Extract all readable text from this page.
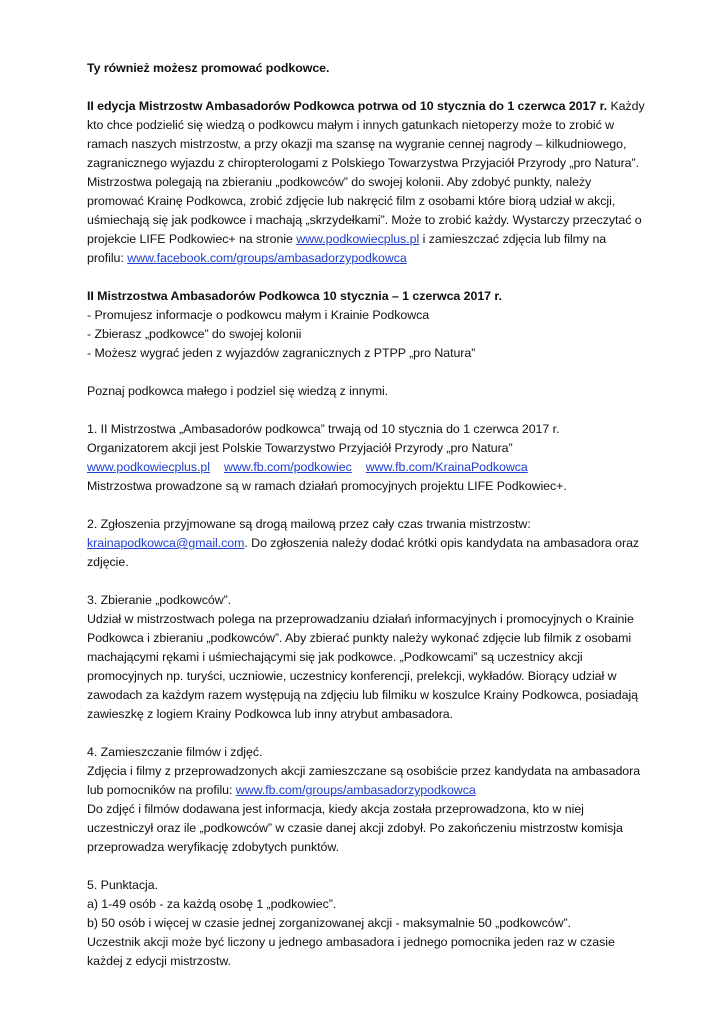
Ty również możesz promować podkowce.
II edycja Mistrzostw Ambasadorów Podkowca potrwa od 10 stycznia do 1 czerwca 2017 r. Każdy
kto chce podzielić się wiedzą o podkowcu małym i innych gatunkach nietoperzy może to zrobić w
ramach naszych mistrzostw, a przy okazji ma szansę na wygranie cennej nagrody – kilkudniowego,
zagranicznego wyjazdu z chiropterologami z Polskiego Towarzystwa Przyjaciół Przyrody „pro Natura”.
Mistrzostwa polegają na zbieraniu „podkowców” do swojej kolonii. Aby zdobyć punkty, należy
promować Krainę Podkowca, zrobić zdjęcie lub nakręcić film z osobami które biorą udział w akcji,
uśmiechają się jak podkowce i machają „skrzydełkami”. Może to zrobić każdy. Wystarczy przeczytać o
projekcie LIFE Podkowiec+ na stronie www.podkowiecplus.pl i zamieszczać zdjęcia lub filmy na
profilu: www.facebook.com/groups/ambasadorzypodkowca
II Mistrzostwa Ambasadorów Podkowca 10 stycznia – 1 czerwca 2017 r.
- Promujesz informacje o podkowcu małym i Krainie Podkowca
- Zbierasz „podkowce” do swojej kolonii
- Możesz wygrać jeden z wyjazdów zagranicznych z PTPP „pro Natura”
Poznaj podkowca małego i podziel się wiedzą z innymi.
1. II Mistrzostwa „Ambasadorów podkowca” trwają od 10 stycznia do 1 czerwca 2017 r.
Organizatorem akcji jest Polskie Towarzystwo Przyjaciół Przyrody „pro Natura”
www.podkowiecplus.pl www.fb.com/podkowiec www.fb.com/KrainaPodkowca
Mistrzostwa prowadzone są w ramach działań promocyjnych projektu LIFE Podkowiec+.
2. Zgłoszenia przyjmowane są drogą mailową przez cały czas trwania mistrzostw:
krainapodkowca@gmail.com. Do zgłoszenia należy dodać krótki opis kandydata na ambasadora oraz
zdjęcie.
3. Zbieranie „podkowców”.
Udział w mistrzostwach polega na przeprowadzaniu działań informacyjnych i promocyjnych o Krainie
Podkowca i zbieraniu „podkowców”. Aby zbierać punkty należy wykonać zdjęcie lub filmik z osobami
machającymi rękami i uśmiechającymi się jak podkowce. „Podkowcami” są uczestnicy akcji
promocyjnych np. turyści, uczniowie, uczestnicy konferencji, prelekcji, wykładów. Biorący udział w
zawodach za każdym razem występują na zdjęciu lub filmiku w koszulce Krainy Podkowca, posiadają
zawieszkę z logiem Krainy Podkowca lub inny atrybut ambasadora.
4. Zamieszczanie filmów i zdjęć.
Zdjęcia i filmy z przeprowadzonych akcji zamieszczane są osobiście przez kandydata na ambasadora
lub pomocników na profilu: www.fb.com/groups/ambasadorzypodkowca
Do zdjęć i filmów dodawana jest informacja, kiedy akcja została przeprowadzona, kto w niej
uczestniczył oraz ile „podkowców” w czasie danej akcji zdobył. Po zakończeniu mistrzostw komisja
przeprowadza weryfikację zdobytych punktów.
5. Punktacja.
a) 1-49 osób - za każdą osobę 1 „podkowiec”.
b) 50 osób i więcej w czasie jednej zorganizowanej akcji - maksymalnie 50 „podkowców”.
Uczestnik akcji może być liczony u jednego ambasadora i jednego pomocnika jeden raz w czasie
każdej z edycji mistrzostw.
